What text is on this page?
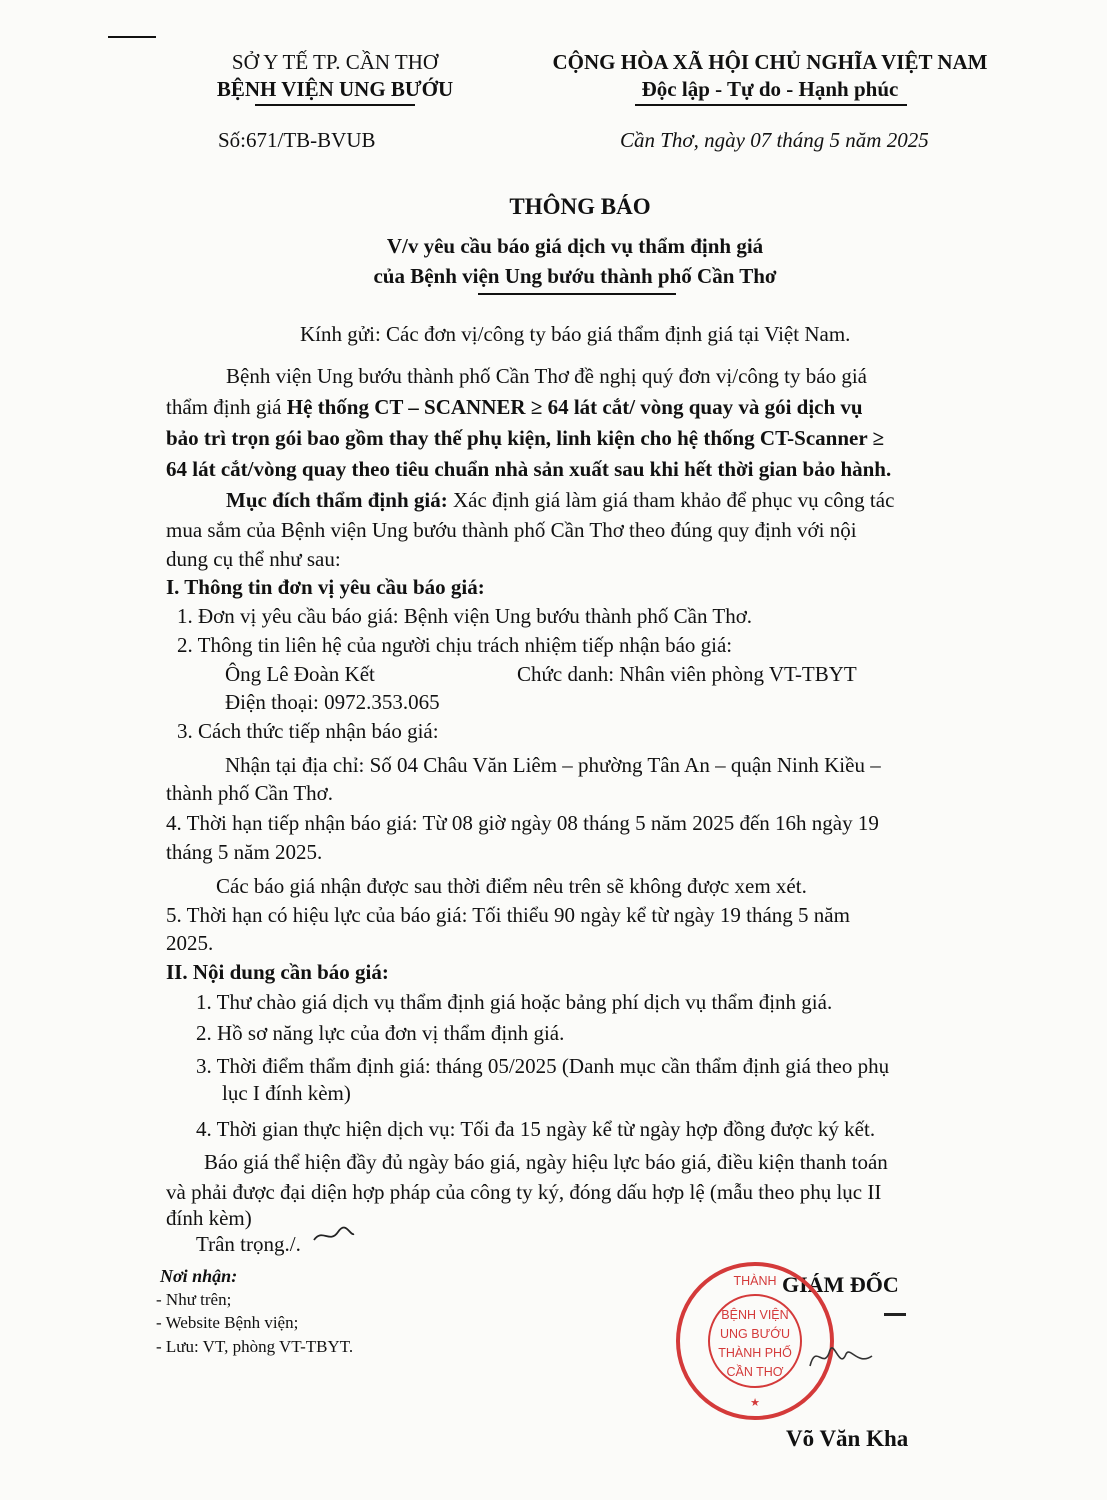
SỞ Y TẾ TP. CẦN THƠ
BỆNH VIỆN UNG BƯỚU
Số:671/TB-BVUB
CỘNG HÒA XÃ HỘI CHỦ NGHĨA VIỆT NAM
Độc lập - Tự do - Hạnh phúc
Cần Thơ, ngày 07 tháng 5 năm 2025
THÔNG BÁO
V/v yêu cầu báo giá dịch vụ thẩm định giá
của Bệnh viện Ung bướu thành phố Cần Thơ
Kính gửi: Các đơn vị/công ty báo giá thẩm định giá tại Việt Nam.
Bệnh viện Ung bướu thành phố Cần Thơ đề nghị quý đơn vị/công ty báo giá
thẩm định giá Hệ thống CT – SCANNER ≥ 64 lát cắt/ vòng quay và gói dịch vụ
bảo trì trọn gói bao gồm thay thế phụ kiện, linh kiện cho hệ thống CT-Scanner ≥
64 lát cắt/vòng quay theo tiêu chuẩn nhà sản xuất sau khi hết thời gian bảo hành.
Mục đích thẩm định giá: Xác định giá làm giá tham khảo để phục vụ công tác
mua sắm của Bệnh viện Ung bướu thành phố Cần Thơ theo đúng quy định với nội
dung cụ thể như sau:
I. Thông tin đơn vị yêu cầu báo giá:
1. Đơn vị yêu cầu báo giá: Bệnh viện Ung bướu thành phố Cần Thơ.
2. Thông tin liên hệ của người chịu trách nhiệm tiếp nhận báo giá:
Ông Lê Đoàn Kết	Chức danh: Nhân viên phòng VT-TBYT
Điện thoại: 0972.353.065
3. Cách thức tiếp nhận báo giá:
Nhận tại địa chỉ: Số 04 Châu Văn Liêm – phường Tân An – quận Ninh Kiều –
thành phố Cần Thơ.
4. Thời hạn tiếp nhận báo giá: Từ 08 giờ ngày 08 tháng 5 năm 2025 đến 16h ngày 19
tháng 5 năm 2025.
Các báo giá nhận được sau thời điểm nêu trên sẽ không được xem xét.
5. Thời hạn có hiệu lực của báo giá: Tối thiểu 90 ngày kể từ ngày 19 tháng 5 năm
2025.
II. Nội dung cần báo giá:
1. Thư chào giá dịch vụ thẩm định giá hoặc bảng phí dịch vụ thẩm định giá.
2. Hồ sơ năng lực của đơn vị thẩm định giá.
3. Thời điểm thẩm định giá: tháng 05/2025 (Danh mục cần thẩm định giá theo phụ
lục I đính kèm)
4. Thời gian thực hiện dịch vụ: Tối đa 15 ngày kể từ ngày hợp đồng được ký kết.
Báo giá thể hiện đầy đủ ngày báo giá, ngày hiệu lực báo giá, điều kiện thanh toán
và phải được đại diện hợp pháp của công ty ký, đóng dấu hợp lệ (mẫu theo phụ lục II
đính kèm)
Trân trọng./.
Nơi nhận:
- Như trên;
- Website Bệnh viện;
- Lưu: VT, phòng VT-TBYT.
GIÁM ĐỐC
THÀNH
BỆNH VIỆN
UNG BƯỚU
THÀNH PHỐ
CẦN THƠ
★
Võ Văn Kha
